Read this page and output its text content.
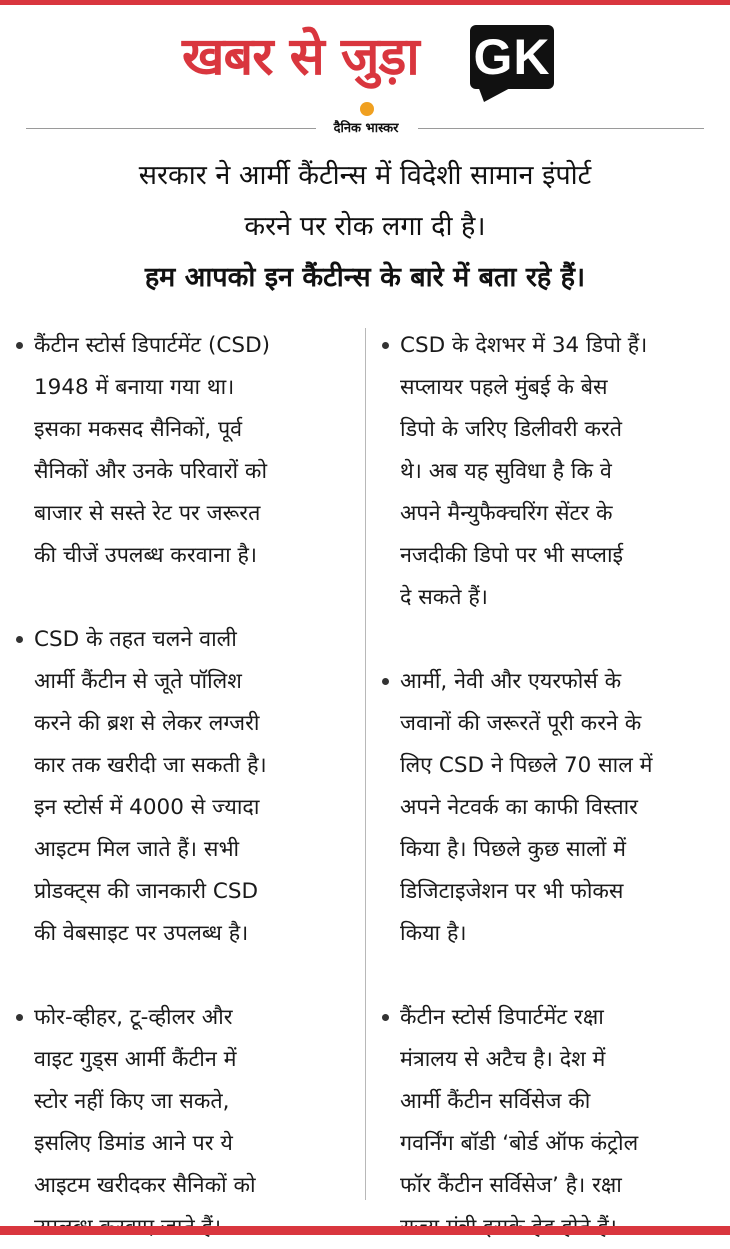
खबर से जुड़ा GK
दैनिक भास्कर
सरकार ने आर्मी कैंटीन्स में विदेशी सामान इंपोर्ट
करने पर रोक लगा दी है।
हम आपको इन कैंटीन्स के बारे में बता रहे हैं।
कैंटीन स्टोर्स डिपार्टमेंट (CSD)
1948 में बनाया गया था।
इसका मकसद सैनिकों, पूर्व
सैनिकों और उनके परिवारों को
बाजार से सस्ते रेट पर जरूरत
की चीजें उपलब्ध करवाना है।
CSD के तहत चलने वाली
आर्मी कैंटीन से जूते पॉलिश
करने की ब्रश से लेकर लग्जरी
कार तक खरीदी जा सकती है।
इन स्टोर्स में 4000 से ज्यादा
आइटम मिल जाते हैं। सभी
प्रोडक्ट्स की जानकारी CSD
की वेबसाइट पर उपलब्ध है।
फोर-व्हीहर, टू-व्हीलर और
वाइट गुड्स आर्मी कैंटीन में
स्टोर नहीं किए जा सकते,
इसलिए डिमांड आने पर ये
आइटम खरीदकर सैनिकों को
CSD के देशभर में 34 डिपो हैं।
सप्लायर पहले मुंबई के बेस
डिपो के जरिए डिलीवरी करते
थे। अब यह सुविधा है कि वे
अपने मैन्युफैक्चरिंग सेंटर के
नजदीकी डिपो पर भी सप्लाई
दे सकते हैं।
आर्मी, नेवी और एयरफोर्स के
जवानों की जरूरतें पूरी करने के
लिए CSD ने पिछले 70 साल में
अपने नेटवर्क का काफी विस्तार
किया है। पिछले कुछ सालों में
डिजिटाइजेशन पर भी फोकस
किया है।
कैंटीन स्टोर्स डिपार्टमेंट रक्षा
मंत्रालय से अटैच है। देश में
आर्मी कैंटीन सर्विसेज की
गवर्निंग बॉडी ‘बोर्ड ऑफ कंट्रोल
फॉर कैंटीन सर्विसेज’ है। रक्षा
